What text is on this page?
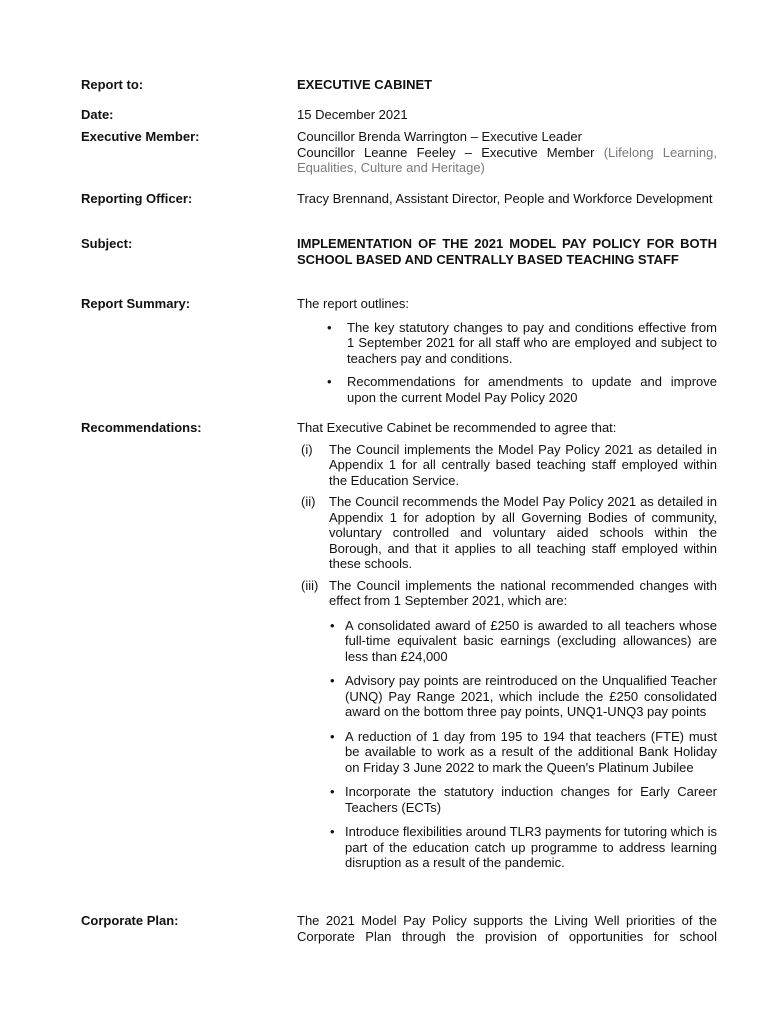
Report to:	EXECUTIVE CABINET
Date:	15 December 2021
Executive Member:	Councillor Brenda Warrington – Executive Leader

Councillor Leanne Feeley – Executive Member (Lifelong Learning, Equalities, Culture and Heritage)

Reporting Officer:	Tracy Brennand, Assistant Director, People and Workforce Development
Subject:	IMPLEMENTATION OF THE 2021 MODEL PAY POLICY FOR BOTH SCHOOL BASED AND CENTRALLY BASED TEACHING STAFF
Report Summary:	The report outlines:

• The key statutory changes to pay and conditions effective from 1 September 2021 for all staff who are employed and subject to teachers pay and conditions.
• Recommendations for amendments to update and improve upon the current Model Pay Policy 2020
Recommendations:	That Executive Cabinet be recommended to agree that:

(i) The Council implements the Model Pay Policy 2021 as detailed in Appendix 1 for all centrally based teaching staff employed within the Education Service.
(ii) The Council recommends the Model Pay Policy 2021 as detailed in Appendix 1 for adoption by all Governing Bodies of community, voluntary controlled and voluntary aided schools within the Borough, and that it applies to all teaching staff employed within these schools.
(iii) The Council implements the national recommended changes with effect from 1 September 2021, which are:
• A consolidated award of £250 is awarded to all teachers whose full-time equivalent basic earnings (excluding allowances) are less than £24,000
• Advisory pay points are reintroduced on the Unqualified Teacher (UNQ) Pay Range 2021, which include the £250 consolidated award on the bottom three pay points, UNQ1-UNQ3 pay points
• A reduction of 1 day from 195 to 194 that teachers (FTE) must be available to work as a result of the additional Bank Holiday on Friday 3 June 2022 to mark the Queen's Platinum Jubilee
• Incorporate the statutory induction changes for Early Career Teachers (ECTs)
• Introduce flexibilities around TLR3 payments for tutoring which is part of the education catch up programme to address learning disruption as a result of the pandemic.
Corporate Plan:	The 2021 Model Pay Policy supports the Living Well priorities of the Corporate Plan through the provision of opportunities for school
